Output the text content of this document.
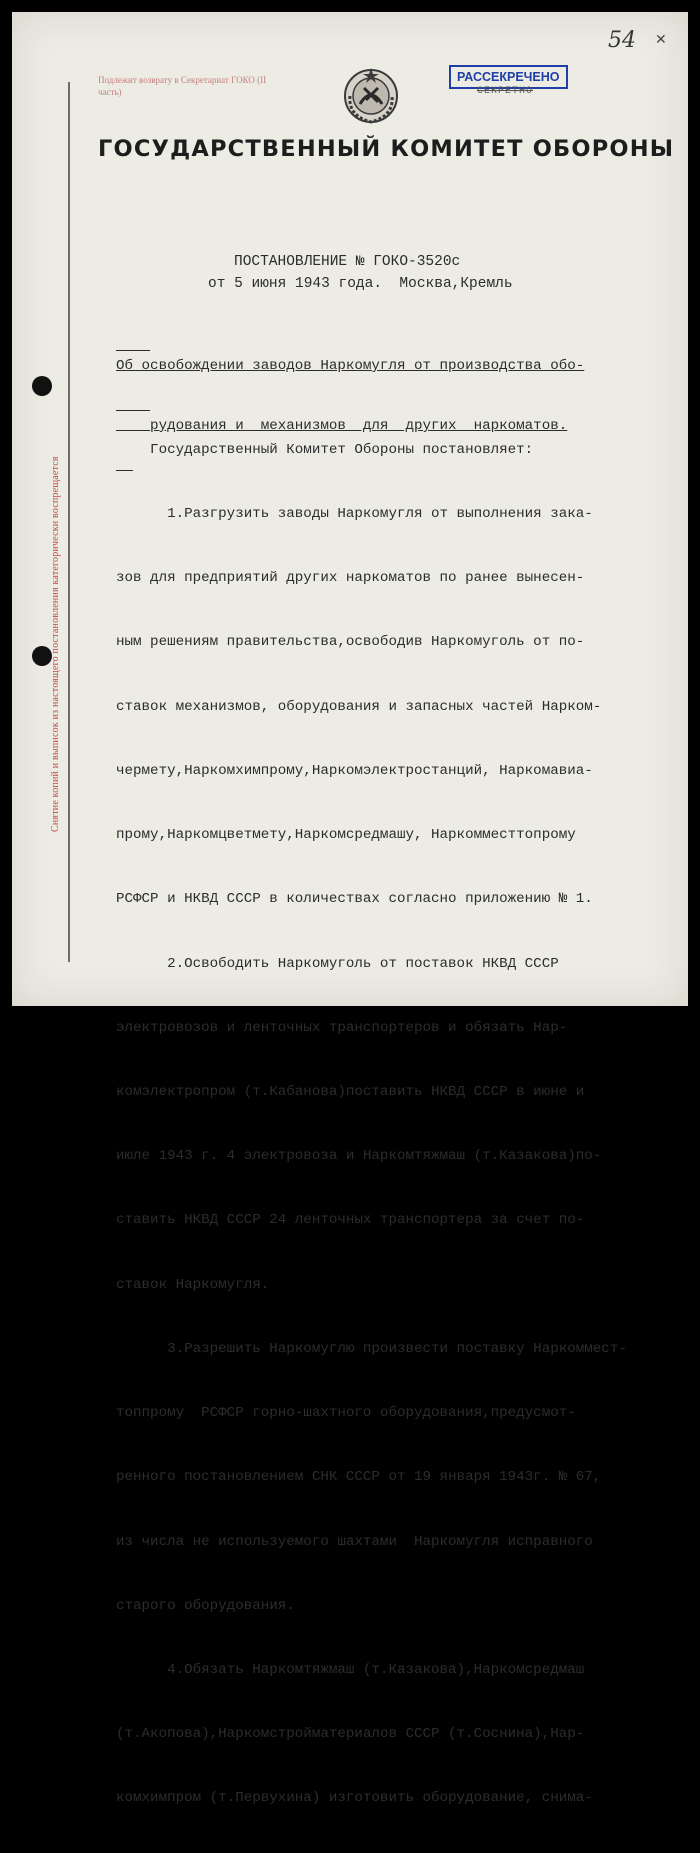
Снятие копий и выписок из настоящего постановления категорически воспрещается
Подлежит возврату в Секретариат ГОКО (II часть)
РАССЕКРЕЧЕНО
СЕКРЕТНО
54 ✕
ГОСУДАРСТВЕННЫЙ КОМИТЕТ ОБОРОНЫ
ПОСТАНОВЛЕНИЕ № ГОКО-3520с
от 5 июня 1943 года.  Москва,Кремль

Об освобождении заводов Наркомугля от производства обо-

рудования и  механизмов  для  других  наркоматов.

Государственный Комитет Обороны постановляет:

1.Разгрузить заводы Наркомугля от выполнения зака-

зов для предприятий других наркоматов по ранее вынесен-

ным решениям правительства,освободив Наркомуголь от по-

ставок механизмов, оборудования и запасных частей Нарком-

чермету,Наркомхимпрому,Наркомэлектростанций, Наркомавиа-

прому,Наркомцветмету,Наркомсредмашу, Наркомместтопрому

РСФСР и НКВД СССР в количествах согласно приложению № 1.

2.Освободить Наркомуголь от поставок НКВД СССР

электровозов и ленточных транспортеров и обязать Нар-

комэлектропром (т.Кабанова)поставить НКВД СССР в июне и

июле 1943 г. 4 электровоза и Наркомтяжмаш (т.Казакова)по-

ставить НКВД СССР 24 ленточных транспортера за счет по-

ставок Наркомугля.

3.Разрешить Наркомуглю произвести поставку Наркоммест-

топпрому  РСФСР горно-шахтного оборудования,предусмот-

ренного постановлением СНК СССР от 19 января 1943г. № 67,

из числа не используемого шахтами  Наркомугля исправного

старого оборудования.

4.Обязать Наркомтяжмаш (т.Казакова),Наркомсредмаш

(т.Акопова),Наркомстройматериалов СССР (т.Соснина),Нар-

комхимпром (т.Первухина) изготовить оборудование, снима-
